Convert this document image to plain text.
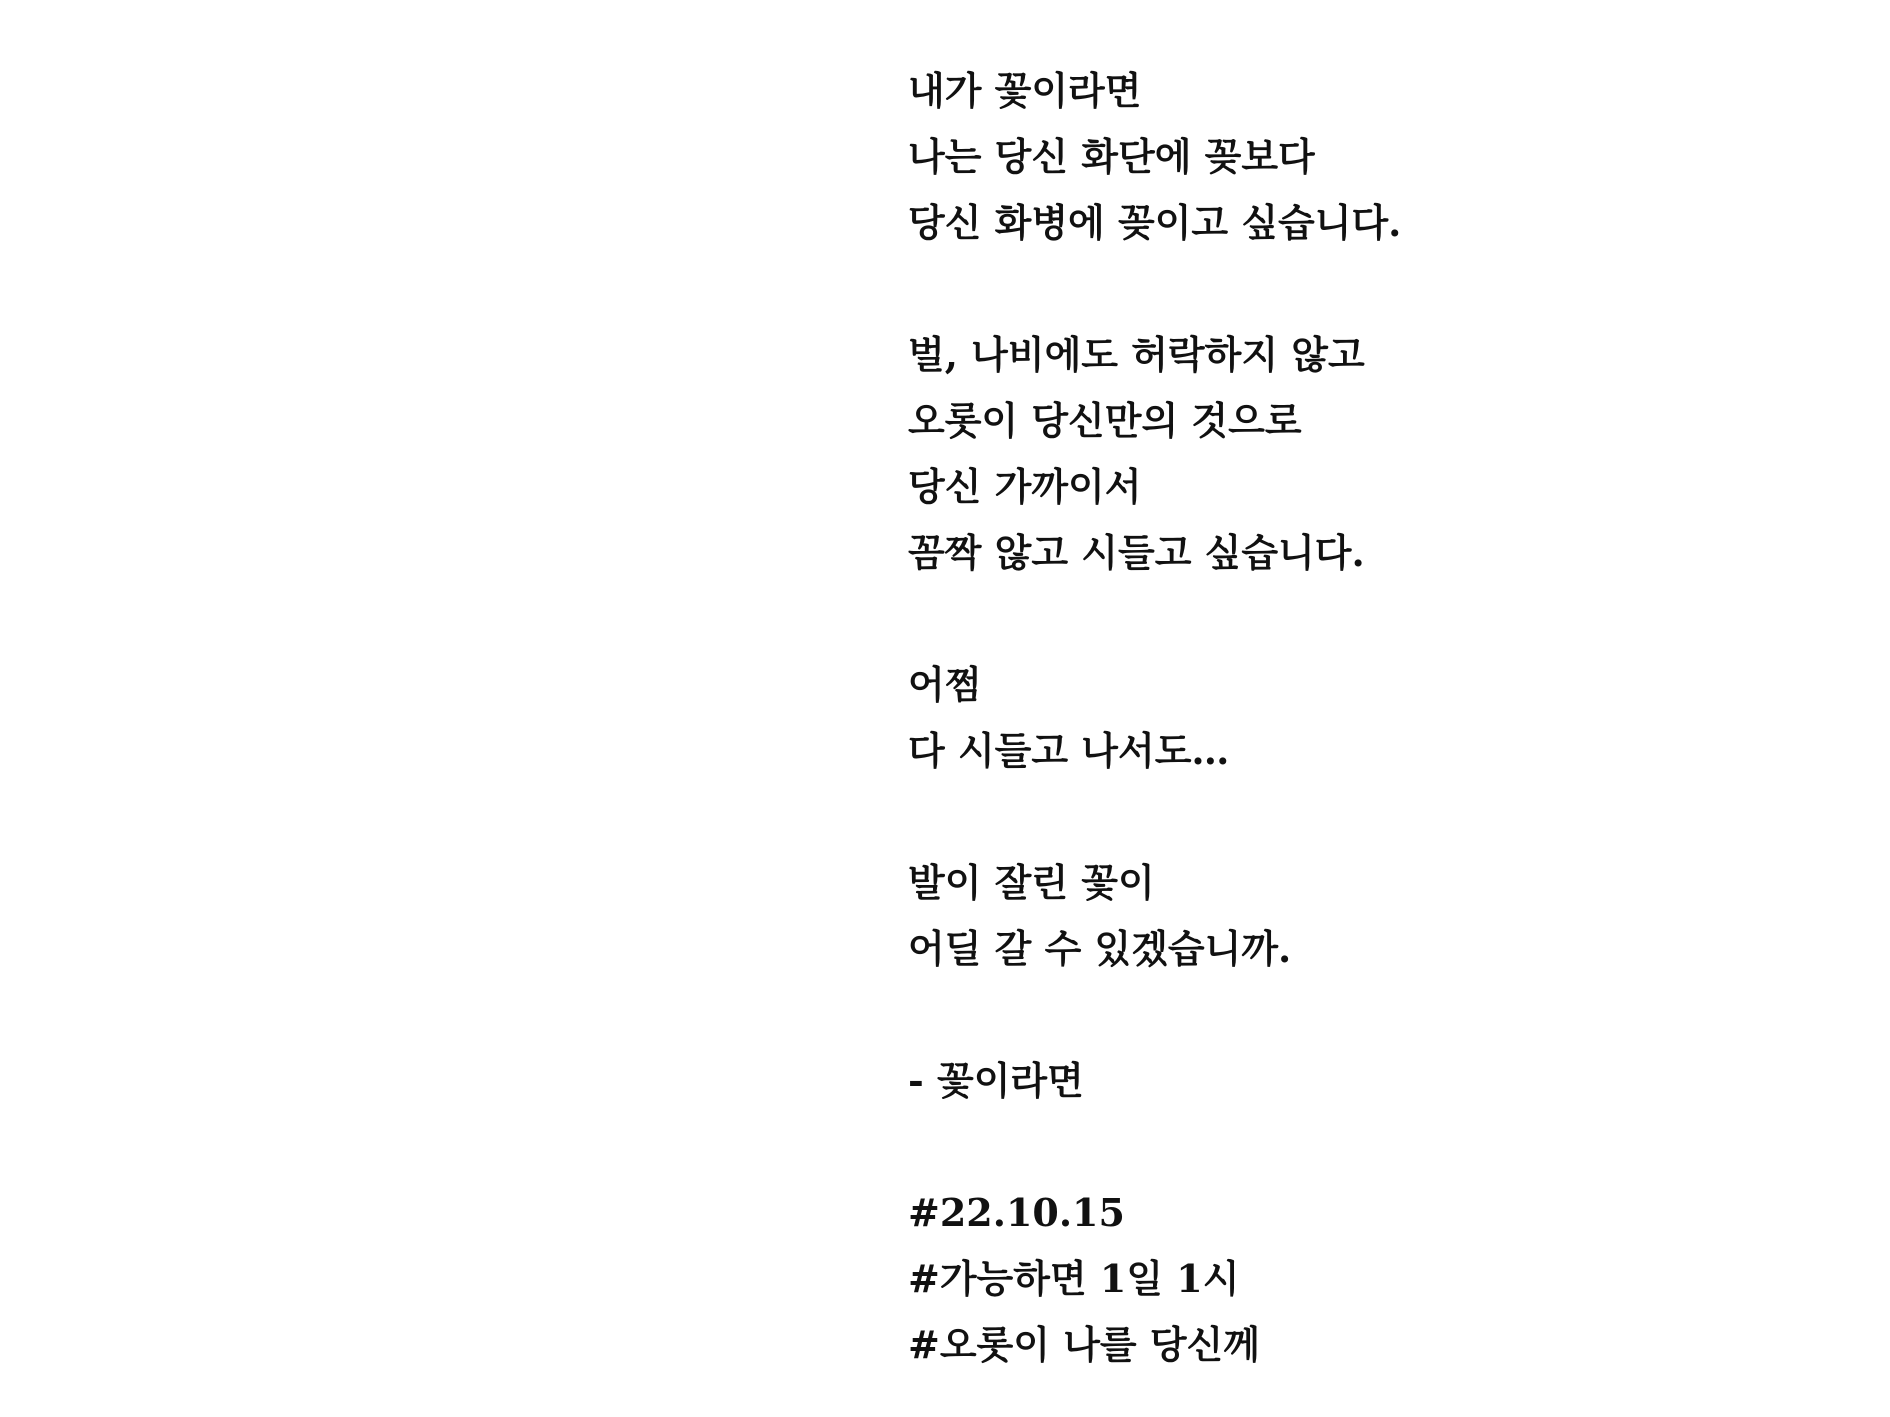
내가 꽃이라면
나는 당신 화단에 꽂보다
당신 화병에 꽂이고 싶습니다.
벌, 나비에도 허락하지 않고
오롯이 당신만의 것으로
당신 가까이서
꼼짝 않고 시들고 싶습니다.
어쩜
다 시들고 나서도…
발이 잘린 꽃이
어딜 갈 수 있겠습니까.
- 꽃이라면
#22.10.15
#가능하면 1일 1시
#오롯이 나를 당신께
